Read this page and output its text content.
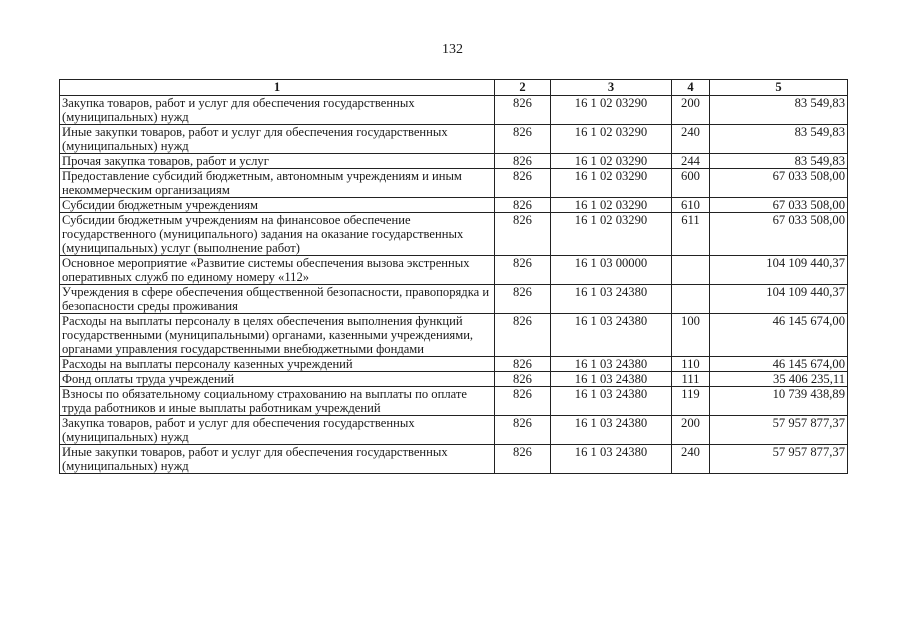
132
1	2	3	4	5
Закупка товаров, работ и услуг для обеспечения государственных (муниципальных) нужд	826	16 1 02 03290	200	83 549,83
Иные закупки товаров, работ и услуг для обеспечения государственных (муниципальных) нужд	826	16 1 02 03290	240	83 549,83
Прочая закупка товаров, работ и услуг	826	16 1 02 03290	244	83 549,83
Предоставление субсидий бюджетным, автономным учреждениям и иным некоммерческим организациям	826	16 1 02 03290	600	67 033 508,00
Субсидии бюджетным учреждениям	826	16 1 02 03290	610	67 033 508,00
Субсидии бюджетным учреждениям на финансовое обеспечение государственного (муниципального) задания на оказание государственных (муниципальных) услуг (выполнение работ)	826	16 1 02 03290	611	67 033 508,00
Основное мероприятие «Развитие системы обеспечения вызова экстренных оперативных служб по единому номеру «112»	826	16 1 03 00000		104 109 440,37
Учреждения в сфере обеспечения общественной безопасности, правопорядка и безопасности среды проживания	826	16 1 03 24380		104 109 440,37
Расходы на выплаты персоналу в целях обеспечения выполнения функций государственными (муниципальными) органами, казенными учреждениями, органами управления государственными внебюджетными фондами	826	16 1 03 24380	100	46 145 674,00
Расходы на выплаты персоналу казенных учреждений	826	16 1 03 24380	110	46 145 674,00
Фонд оплаты труда учреждений	826	16 1 03 24380	111	35 406 235,11
Взносы по обязательному социальному страхованию на выплаты по оплате труда работников и иные выплаты работникам учреждений	826	16 1 03 24380	119	10 739 438,89
Закупка товаров, работ и услуг для обеспечения государственных (муниципальных) нужд	826	16 1 03 24380	200	57 957 877,37
Иные закупки товаров, работ и услуг для обеспечения государственных (муниципальных) нужд	826	16 1 03 24380	240	57 957 877,37
